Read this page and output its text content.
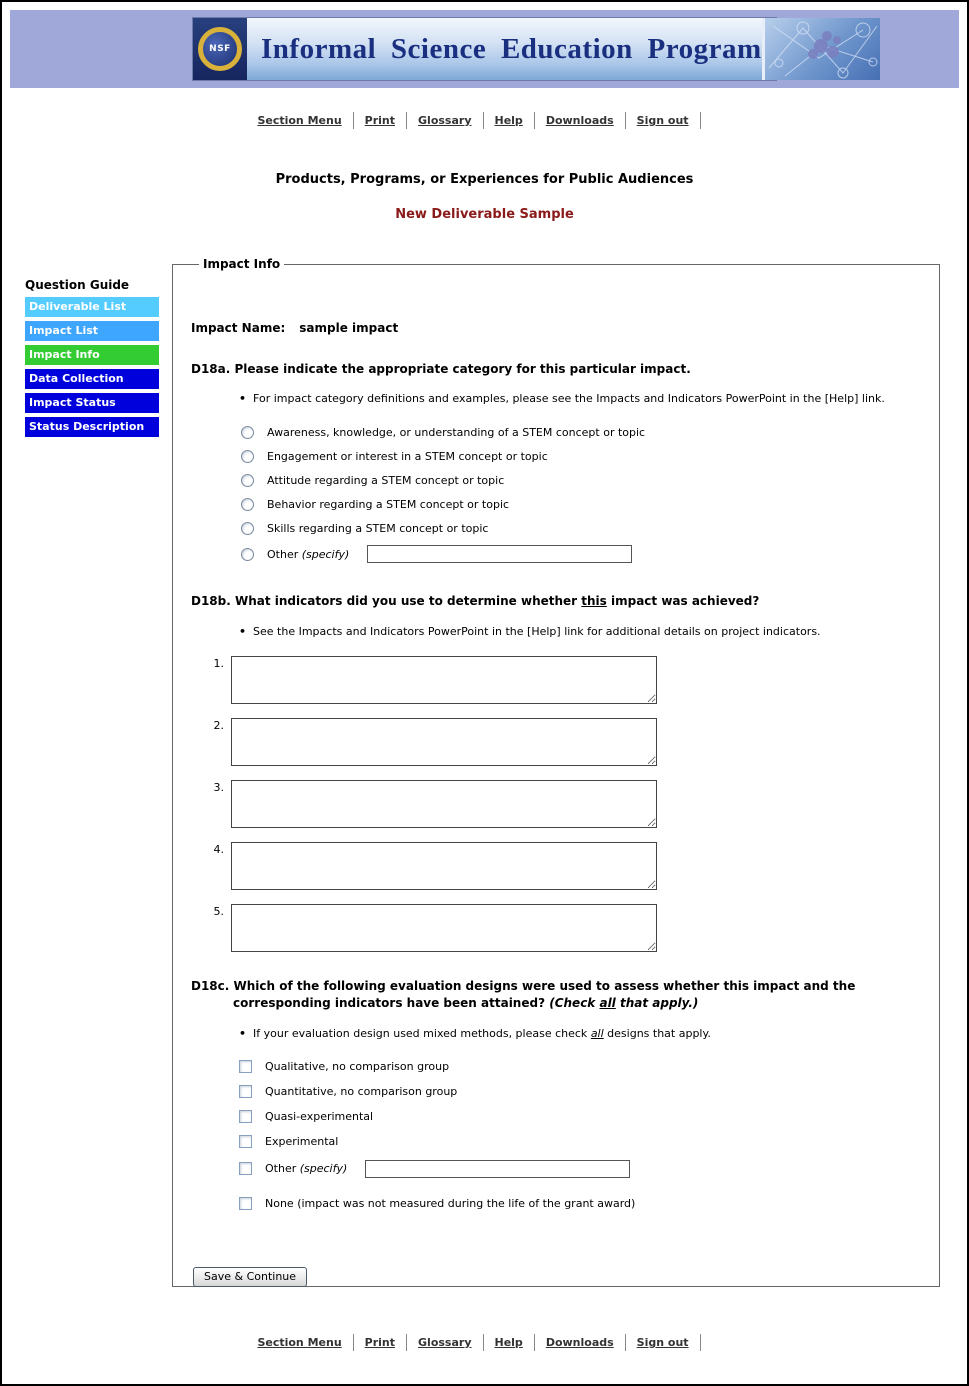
NSF	Informal Science Education Program
Section Menu Print Glossary Help Downloads Sign out
Products, Programs, or Experiences for Public Audiences
New Deliverable Sample
Question Guide
Deliverable List
Impact List
Impact Info
Data Collection
Impact Status
Status Description
Impact Info
Impact Name: sample impact
D18a. Please indicate the appropriate category for this particular impact.
• For impact category definitions and examples, please see the Impacts and Indicators PowerPoint in the [Help] link.
Awareness, knowledge, or understanding of a STEM concept or topic
Engagement or interest in a STEM concept or topic
Attitude regarding a STEM concept or topic
Behavior regarding a STEM concept or topic
Skills regarding a STEM concept or topic
Other (specify)
D18b. What indicators did you use to determine whether this impact was achieved?
• See the Impacts and Indicators PowerPoint in the [Help] link for additional details on project indicators.
1.
2.
3.
4.
5.
D18c. Which of the following evaluation designs were used to assess whether this impact and the corresponding indicators have been attained? (Check all that apply.)
• If your evaluation design used mixed methods, please check all designs that apply.
Qualitative, no comparison group
Quantitative, no comparison group
Quasi-experimental
Experimental
Other (specify)
None (impact was not measured during the life of the grant award)
Save & Continue
Section Menu Print Glossary Help Downloads Sign out
